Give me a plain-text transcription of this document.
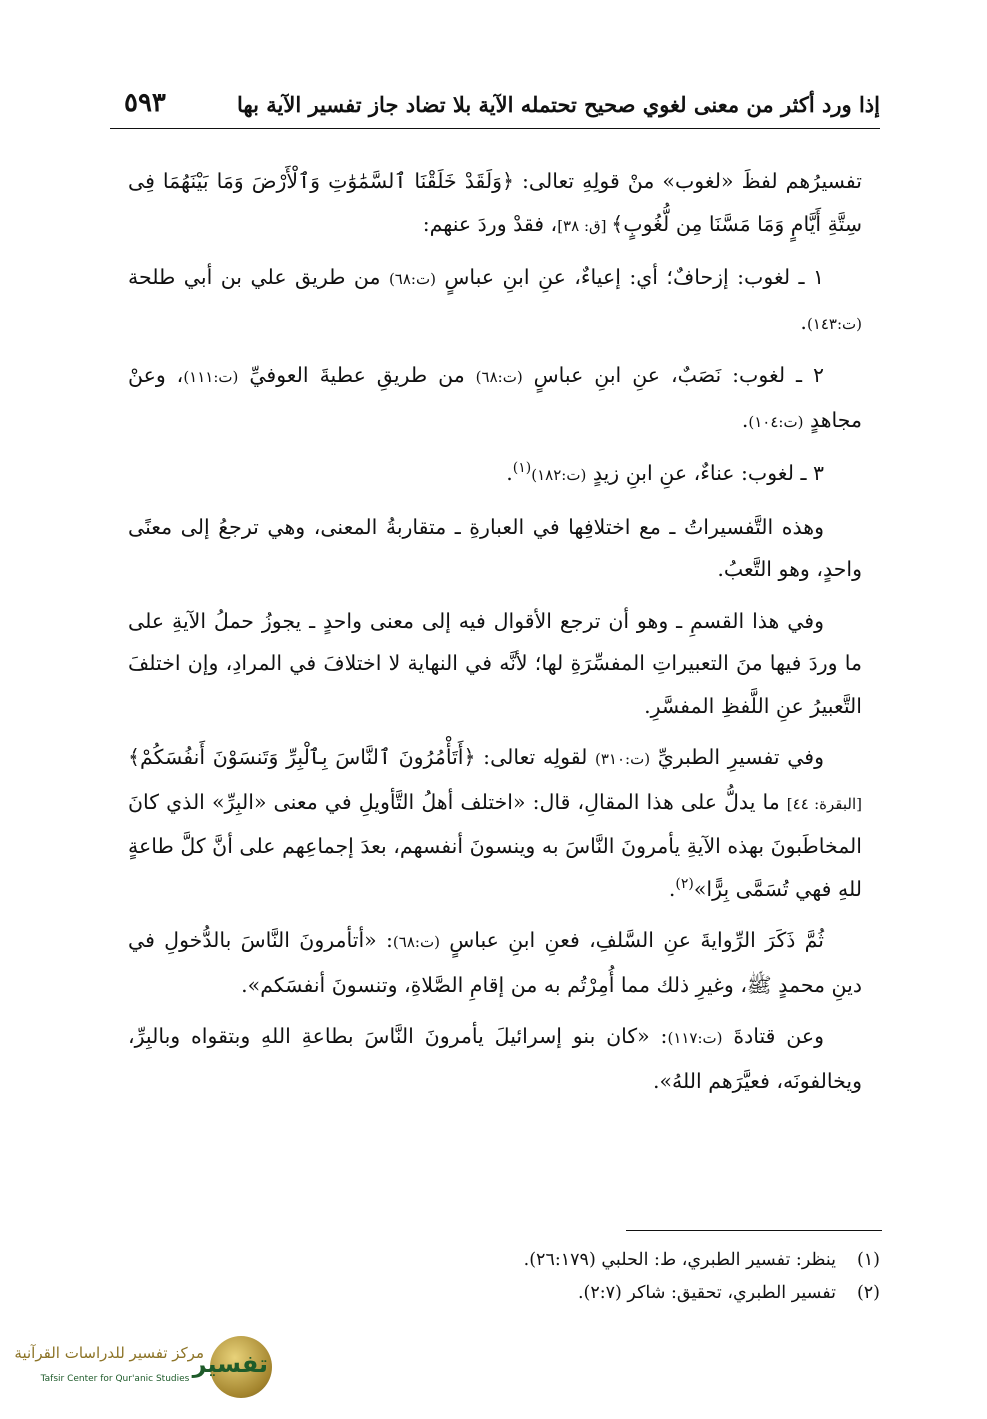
إذا ورد أكثر من معنى لغوي صحيح تحتمله الآية بلا تضاد جاز تفسير الآية بها
٥٩٣

تفسيرُهم لفظَ «لغوب» منْ قولِهِ تعالى: ﴿وَلَقَدْ خَلَقْنَا ٱلسَّمَٰوَٰتِ وَٱلْأَرْضَ وَمَا بَيْنَهُمَا فِى سِتَّةِ أَيَّامٍ وَمَا مَسَّنَا مِن لُّغُوبٍ﴾ [ق: ٣٨]، فقدْ وردَ عنهم:

١ ـ لغوب: إزحافٌ؛ أي: إعياءٌ، عنِ ابنِ عباسٍ (ت:٦٨) من طريق علي بن أبي طلحة (ت:١٤٣).

٢ ـ لغوب: نَصَبٌ، عنِ ابنِ عباسٍ (ت:٦٨) من طريقِ عطيةَ العوفيِّ (ت:١١١)، وعنْ مجاهدٍ (ت:١٠٤).

٣ ـ لغوب: عناءٌ، عنِ ابنِ زيدٍ (ت:١٨٢)$^{(١)}$.

وهذه التَّفسيراتُ ـ مع اختلافِها في العبارةِ ـ متقاربةُ المعنى، وهي ترجعُ إلى معنًى واحدٍ، وهو التَّعبُ.

وفي هذا القسمِ ـ وهو أن ترجع الأقوال فيه إلى معنى واحدٍ ـ يجوزُ حملُ الآيةِ على ما وردَ فيها منَ التعبيراتِ المفسِّرَةِ لها؛ لأنَّه في النهاية لا اختلافَ في المرادِ، وإن اختلفَ التَّعبيرُ عنِ اللَّفظِ المفسَّرِ.

وفي تفسيرِ الطبريِّ (ت:٣١٠) لقولِه تعالى: ﴿أَتَأْمُرُونَ ٱلنَّاسَ بِٱلْبِرِّ وَتَنسَوْنَ أَنفُسَكُمْ﴾ [البقرة: ٤٤] ما يدلُّ على هذا المقالِ، قال: «اختلف أهلُ التَّأويلِ في معنى «البِرِّ» الذي كانَ المخاطَبونَ بهذه الآيةِ يأمرونَ النَّاسَ به وينسونَ أنفسهم، بعدَ إجماعِهم على أنَّ كلَّ طاعةٍ للهِ فهي تُسَمَّى بِرًّا»$^{(٢)}$.

ثُمَّ ذَكَرَ الرِّوايةَ عنِ السَّلفِ، فعنِ ابنِ عباسٍ (ت:٦٨): «أتأمرونَ النَّاسَ بالدُّخولِ في دينِ محمدٍ ﷺ، وغيرِ ذلك مما أُمِرْتُم به من إقامِ الصَّلاةِ، وتنسونَ أنفسَكم».

وعن قتادةَ (ت:١١٧): «كان بنو إسرائيلَ يأمرونَ النَّاسَ بطاعةِ اللهِ وبتقواه وبالبِرِّ، ويخالفونَه، فعيَّرَهم اللهُ».

(١)ينظر: تفسير الطبري، ط: الحلبي (٢٦:١٧٩).
(٢)تفسير الطبري، تحقيق: شاكر (٢:٧).
تفسير
مركز تفسير للدراسات القرآنية
Tafsir Center for Qur'anic Studies
